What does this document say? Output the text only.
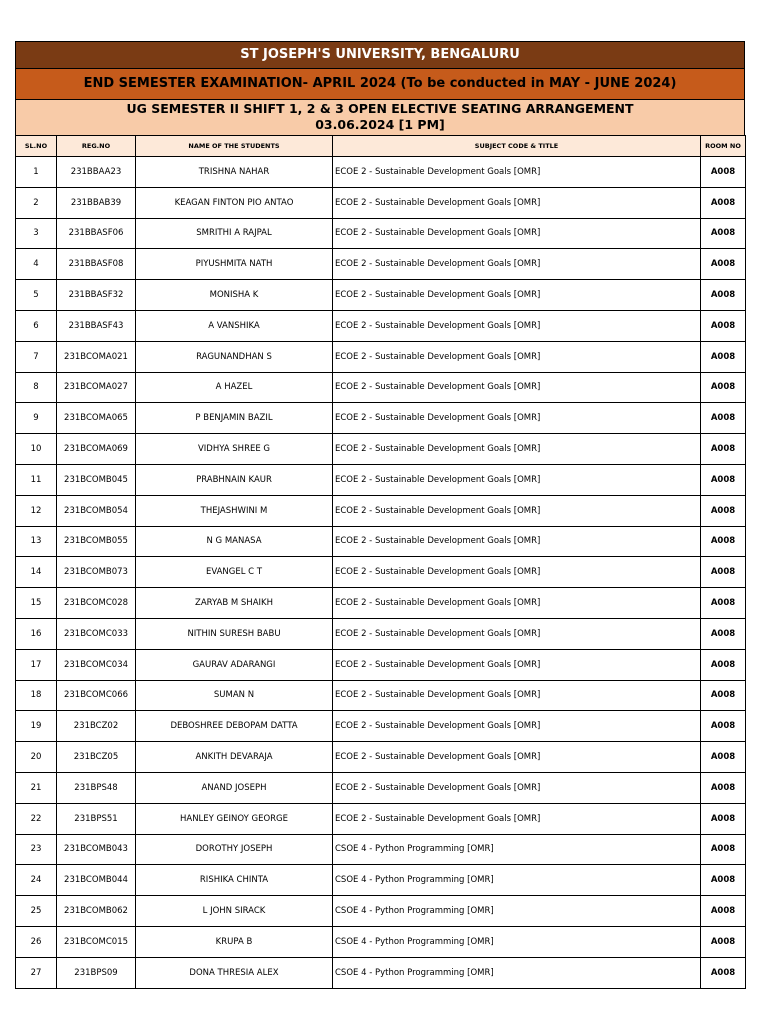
ST JOSEPH'S UNIVERSITY, BENGALURU
END SEMESTER EXAMINATION- APRIL 2024 (To be conducted in MAY - JUNE 2024)
UG SEMESTER II SHIFT 1, 2 & 3 OPEN ELECTIVE SEATING ARRANGEMENT
03.06.2024 [1 PM]
SL.NO	REG.NO	NAME OF THE STUDENTS	SUBJECT CODE & TITLE	ROOM NO
1	231BBAA23	TRISHNA NAHAR	ECOE 2 - Sustainable Development Goals [OMR]	A008
2	231BBAB39	KEAGAN FINTON PIO ANTAO	ECOE 2 - Sustainable Development Goals [OMR]	A008
3	231BBASF06	SMRITHI A RAJPAL	ECOE 2 - Sustainable Development Goals [OMR]	A008
4	231BBASF08	PIYUSHMITA NATH	ECOE 2 - Sustainable Development Goals [OMR]	A008
5	231BBASF32	MONISHA K	ECOE 2 - Sustainable Development Goals [OMR]	A008
6	231BBASF43	A VANSHIKA	ECOE 2 - Sustainable Development Goals [OMR]	A008
7	231BCOMA021	RAGUNANDHAN S	ECOE 2 - Sustainable Development Goals [OMR]	A008
8	231BCOMA027	A HAZEL	ECOE 2 - Sustainable Development Goals [OMR]	A008
9	231BCOMA065	P BENJAMIN BAZIL	ECOE 2 - Sustainable Development Goals [OMR]	A008
10	231BCOMA069	VIDHYA SHREE G	ECOE 2 - Sustainable Development Goals [OMR]	A008
11	231BCOMB045	PRABHNAIN KAUR	ECOE 2 - Sustainable Development Goals [OMR]	A008
12	231BCOMB054	THEJASHWINI M	ECOE 2 - Sustainable Development Goals [OMR]	A008
13	231BCOMB055	N G MANASA	ECOE 2 - Sustainable Development Goals [OMR]	A008
14	231BCOMB073	EVANGEL C T	ECOE 2 - Sustainable Development Goals [OMR]	A008
15	231BCOMC028	ZARYAB M SHAIKH	ECOE 2 - Sustainable Development Goals [OMR]	A008
16	231BCOMC033	NITHIN SURESH BABU	ECOE 2 - Sustainable Development Goals [OMR]	A008
17	231BCOMC034	GAURAV ADARANGI	ECOE 2 - Sustainable Development Goals [OMR]	A008
18	231BCOMC066	SUMAN N	ECOE 2 - Sustainable Development Goals [OMR]	A008
19	231BCZ02	DEBOSHREE DEBOPAM DATTA	ECOE 2 - Sustainable Development Goals [OMR]	A008
20	231BCZ05	ANKITH DEVARAJA	ECOE 2 - Sustainable Development Goals [OMR]	A008
21	231BPS48	ANAND JOSEPH	ECOE 2 - Sustainable Development Goals [OMR]	A008
22	231BPS51	HANLEY GEINOY GEORGE	ECOE 2 - Sustainable Development Goals [OMR]	A008
23	231BCOMB043	DOROTHY JOSEPH	CSOE 4 - Python Programming [OMR]	A008
24	231BCOMB044	RISHIKA CHINTA	CSOE 4 - Python Programming [OMR]	A008
25	231BCOMB062	L JOHN SIRACK	CSOE 4 - Python Programming [OMR]	A008
26	231BCOMC015	KRUPA B	CSOE 4 - Python Programming [OMR]	A008
27	231BPS09	DONA THRESIA ALEX	CSOE 4 - Python Programming [OMR]	A008
